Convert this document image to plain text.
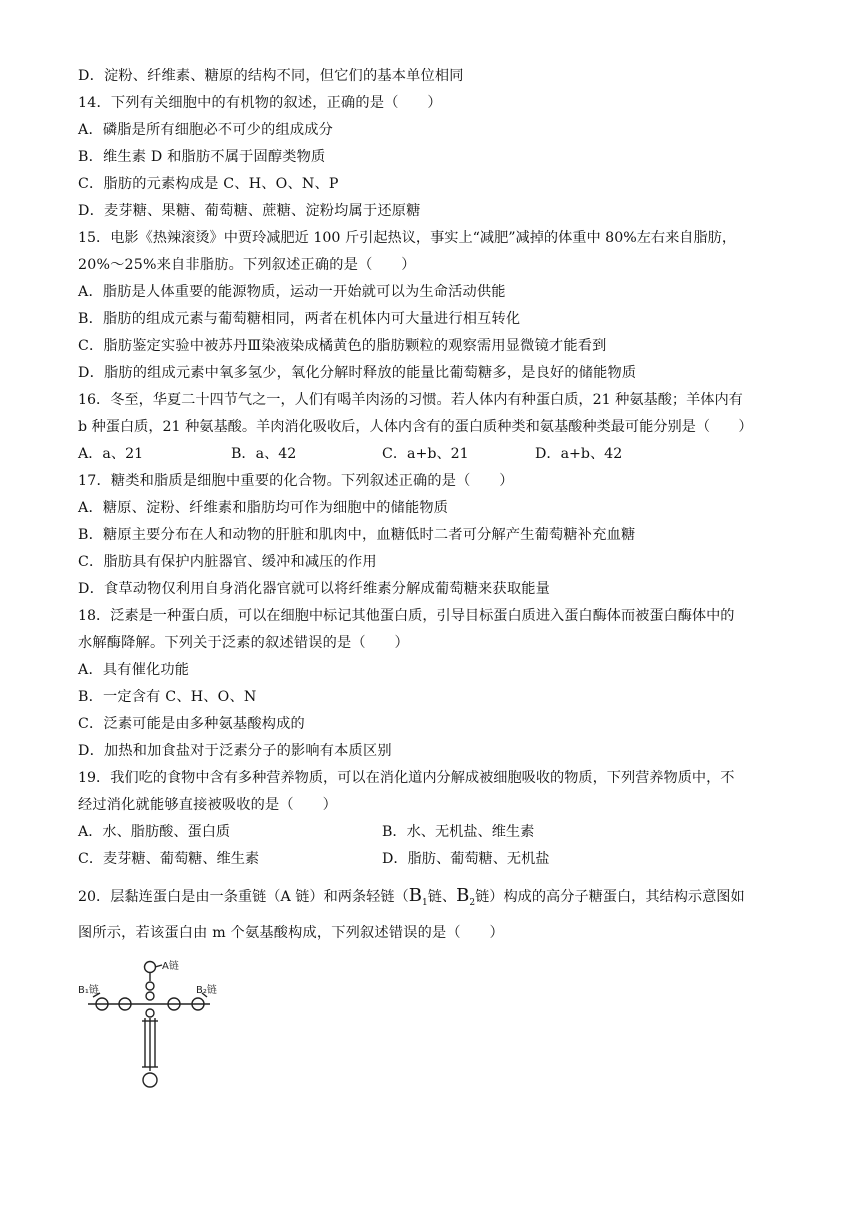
D．淀粉、纤维素、糖原的结构不同，但它们的基本单位相同
14．下列有关细胞中的有机物的叙述，正确的是（　　）
A．磷脂是所有细胞必不可少的组成成分
B．维生素 D 和脂肪不属于固醇类物质
C．脂肪的元素构成是 C、H、O、N、P
D．麦芽糖、果糖、葡萄糖、蔗糖、淀粉均属于还原糖
15．电影《热辣滚烫》中贾玲减肥近 100 斤引起热议，事实上“减肥”减掉的体重中 80%左右来自脂肪，
20%～25%来自非脂肪。下列叙述正确的是（　　）
A．脂肪是人体重要的能源物质，运动一开始就可以为生命活动供能
B．脂肪的组成元素与葡萄糖相同，两者在机体内可大量进行相互转化
C．脂肪鉴定实验中被苏丹Ⅲ染液染成橘黄色的脂肪颗粒的观察需用显微镜才能看到
D．脂肪的组成元素中氧多氢少，氧化分解时释放的能量比葡萄糖多，是良好的储能物质
16．冬至，华夏二十四节气之一，人们有喝羊肉汤的习惯。若人体内有种蛋白质，21 种氨基酸；羊体内有
b 种蛋白质，21 种氨基酸。羊肉消化吸收后，人体内含有的蛋白质种类和氨基酸种类最可能分别是（　　）
A．a、21	B．a、42	C．a+b、21	D．a+b、42
17．糖类和脂质是细胞中重要的化合物。下列叙述正确的是（　　）
A．糖原、淀粉、纤维素和脂肪均可作为细胞中的储能物质
B．糖原主要分布在人和动物的肝脏和肌肉中，血糖低时二者可分解产生葡萄糖补充血糖
C．脂肪具有保护内脏器官、缓冲和减压的作用
D．食草动物仅利用自身消化器官就可以将纤维素分解成葡萄糖来获取能量
18．泛素是一种蛋白质，可以在细胞中标记其他蛋白质，引导目标蛋白质进入蛋白酶体而被蛋白酶体中的
水解酶降解。下列关于泛素的叙述错误的是（　　）
A．具有催化功能
B．一定含有 C、H、O、N
C．泛素可能是由多种氨基酸构成的
D．加热和加食盐对于泛素分子的影响有本质区别
19．我们吃的食物中含有多种营养物质，可以在消化道内分解成被细胞吸收的物质，下列营养物质中，不
经过消化就能够直接被吸收的是（　　）
A．水、脂肪酸、蛋白质	B．水、无机盐、维生素
C．麦芽糖、葡萄糖、维生素	D．脂肪、葡萄糖、无机盐
20．层黏连蛋白是由一条重链（A 链）和两条轻链（$B_1$链、$B_2$链）构成的高分子糖蛋白，其结构示意图如
图所示，若该蛋白由 m 个氨基酸构成，下列叙述错误的是（　　）
A链
B₁链	B₂链
